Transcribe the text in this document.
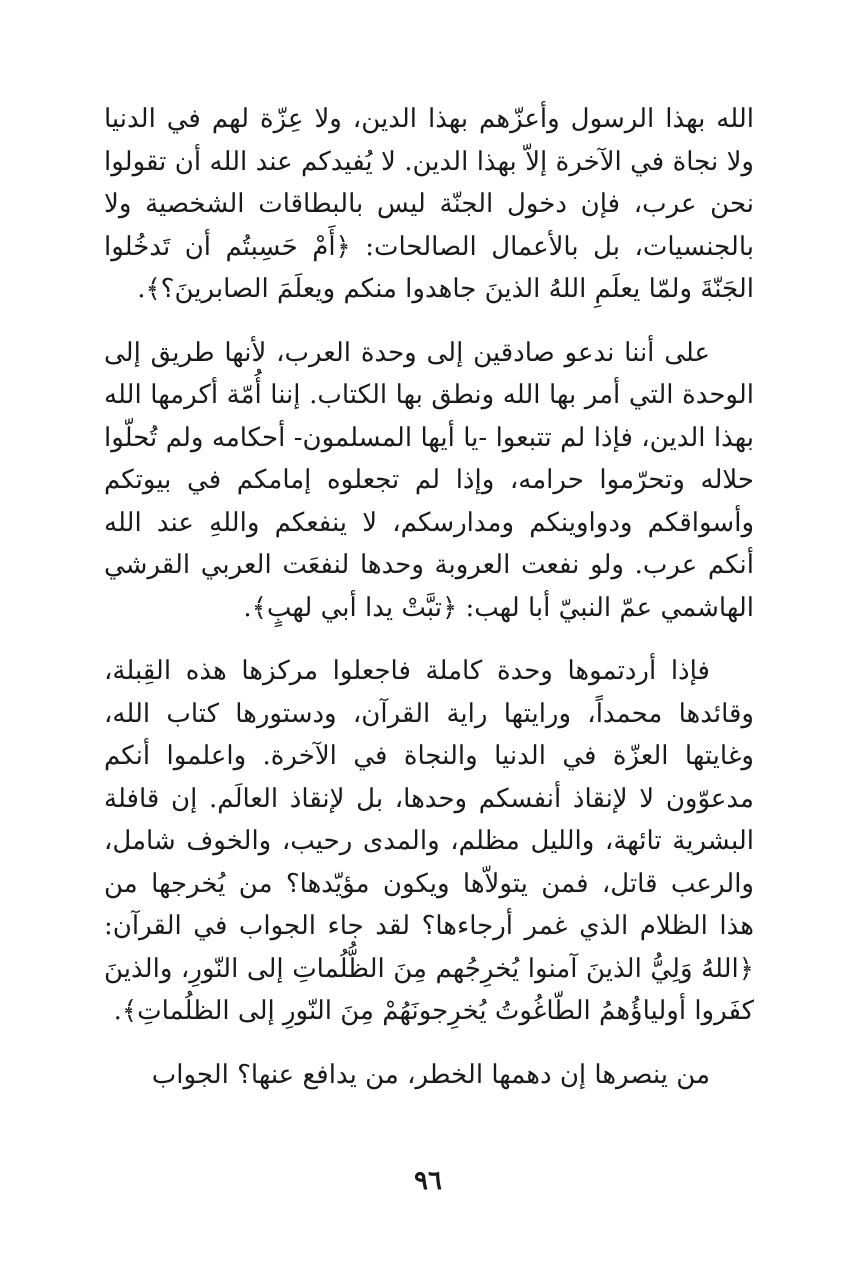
الله بهذا الرسول وأعزّهم بهذا الدين، ولا عِزّة لهم في الدنيا ولا نجاة في الآخرة إلاّ بهذا الدين. لا يُفيدكم عند الله أن تقولوا نحن عرب، فإن دخول الجنّة ليس بالبطاقات الشخصية ولا بالجنسيات، بل بالأعمال الصالحات: ﴿أَمْ حَسِبتُم أن تَدخُلوا الجَنّةَ ولمّا يعلَمِ اللهُ الذينَ جاهدوا منكم ويعلَمَ الصابرينَ؟﴾.

على أننا ندعو صادقين إلى وحدة العرب، لأنها طريق إلى الوحدة التي أمر بها الله ونطق بها الكتاب. إننا أُمّة أكرمها الله بهذا الدين، فإذا لم تتبعوا -يا أيها المسلمون- أحكامه ولم تُحلّوا حلاله وتحرّموا حرامه، وإذا لم تجعلوه إمامكم في بيوتكم وأسواقكم ودواوينكم ومدارسكم، لا ينفعكم واللهِ عند الله أنكم عرب. ولو نفعت العروبة وحدها لنفعَت العربي القرشي الهاشمي عمّ النبيّ أبا لهب: ﴿تبَّتْ يدا أبي لهبٍ﴾.

فإذا أردتموها وحدة كاملة فاجعلوا مركزها هذه القِبلة، وقائدها محمداً، ورايتها راية القرآن، ودستورها كتاب الله، وغايتها العزّة في الدنيا والنجاة في الآخرة. واعلموا أنكم مدعوّون لا لإنقاذ أنفسكم وحدها، بل لإنقاذ العالَم. إن قافلة البشرية تائهة، والليل مظلم، والمدى رحيب، والخوف شامل، والرعب قاتل، فمن يتولاّها ويكون مؤيّدها؟ من يُخرجها من هذا الظلام الذي غمر أرجاءها؟ لقد جاء الجواب في القرآن: ﴿اللهُ وَلِيُّ الذينَ آمنوا يُخرِجُهم مِنَ الظُّلُماتِ إلى النّورِ، والذينَ كفَروا أولياؤُهمُ الطّاغُوتُ يُخرِجونَهُمْ مِنَ النّورِ إلى الظلُماتِ﴾.

من ينصرها إن دهمها الخطر، من يدافع عنها؟ الجواب

٩٦
